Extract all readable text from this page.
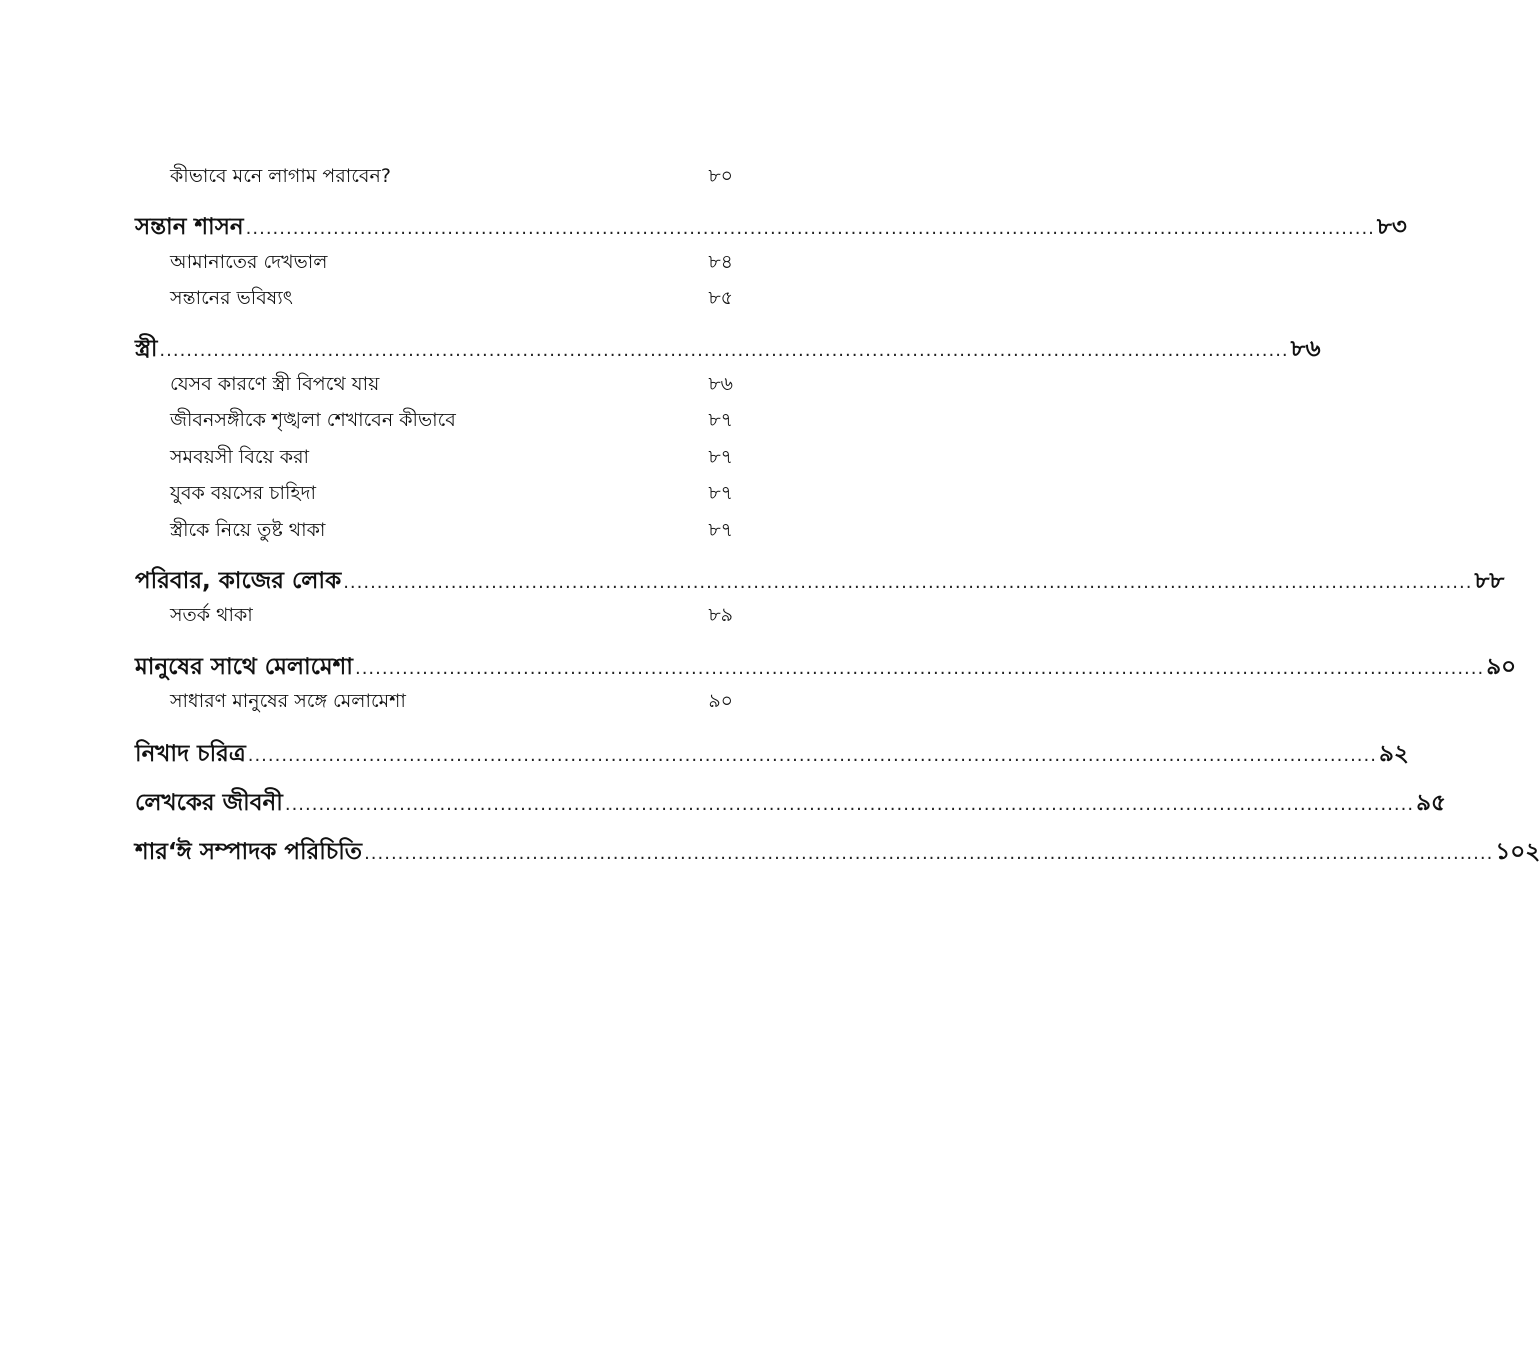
কীভাবে মনে লাগাম পরাবেন?	৮০
সন্তান শাসন ........................................................................................................................................................................ ৮৩
আমানাতের দেখভাল	৮৪
সন্তানের ভবিষ্যৎ	৮৫
স্ত্রী ........................................................................................................................................................................ ৮৬
যেসব কারণে স্ত্রী বিপথে যায়	৮৬
জীবনসঙ্গীকে শৃঙ্খলা শেখাবেন কীভাবে	৮৭
সমবয়সী বিয়ে করা	৮৭
যুবক বয়সের চাহিদা	৮৭
স্ত্রীকে নিয়ে তুষ্ট থাকা	৮৭
পরিবার, কাজের লোক ........................................................................................................................................................................ ৮৮
সতর্ক থাকা	৮৯
মানুষের সাথে মেলামেশা ........................................................................................................................................................................ ৯০
সাধারণ মানুষের সঙ্গে মেলামেশা	৯০
নিখাদ চরিত্র ........................................................................................................................................................................ ৯২
লেখকের জীবনী ........................................................................................................................................................................ ৯৫
শার‘ঈ সম্পাদক পরিচিতি ........................................................................................................................................................................ ১০২
